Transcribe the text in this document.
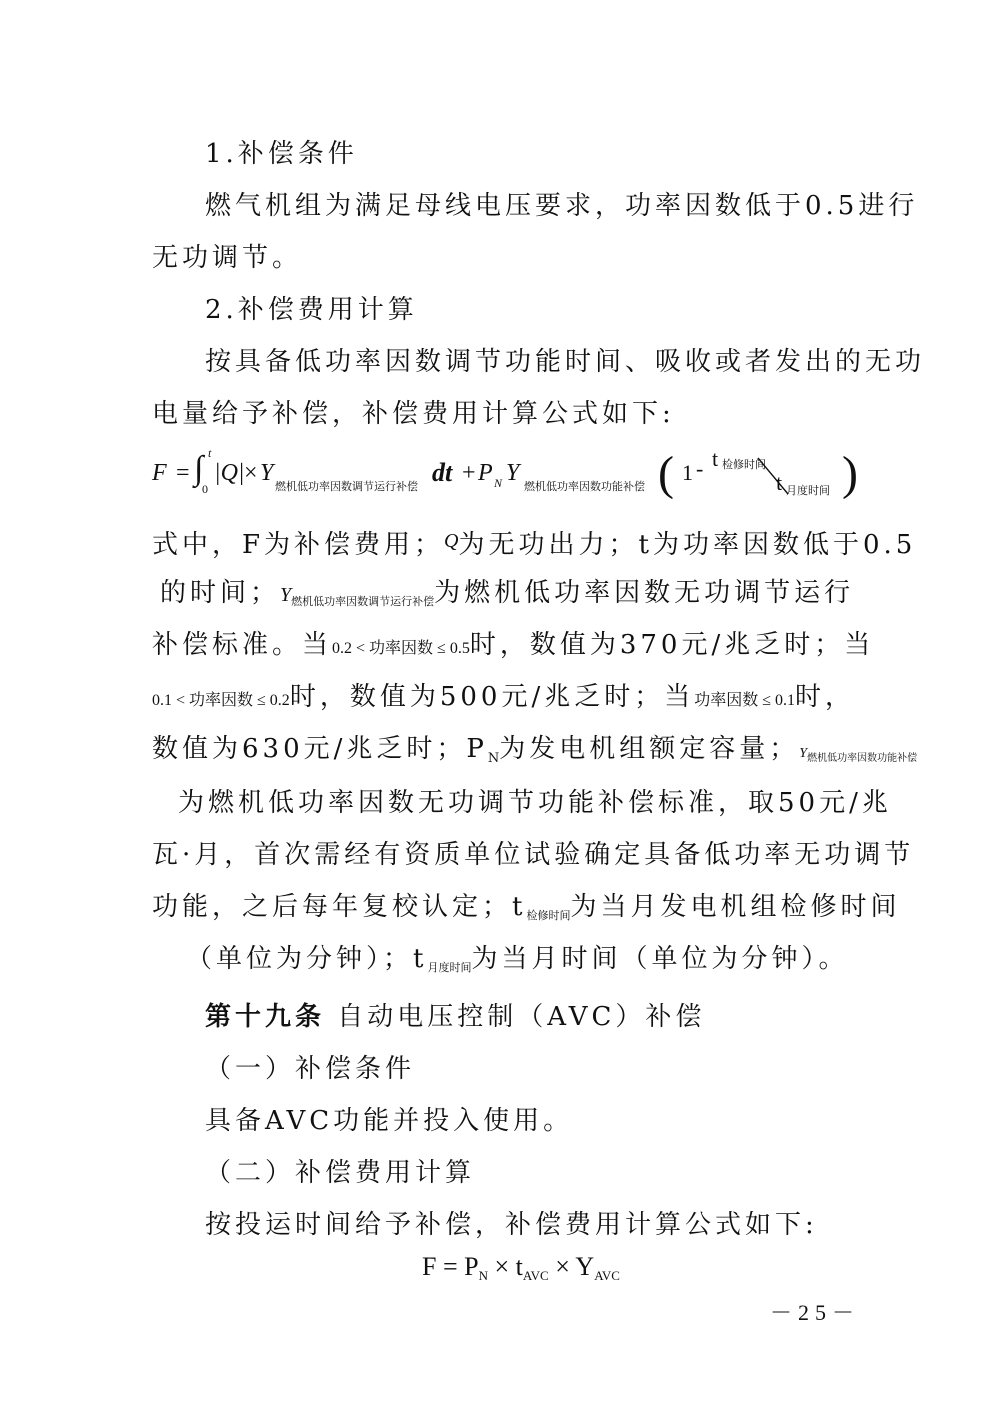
1.补偿条件
燃气机组为满足母线电压要求，功率因数低于0.5进行
无功调节。
2.补偿费用计算
按具备低功率因数调节功能时间、吸收或者发出的无功
电量给予补偿，补偿费用计算公式如下:
F = ∫ t
0
|Q| × Y
燃机低功率因数调节运行补偿 dt + P N Y
燃机低功率因数功能补偿 ( 1 - t 检修时间
t 月度时间 )
式中，F为补偿费用；$^Q$为无功出力；t为功率因数低于0.5
的时间；$Y_{燃机低功率因数调节运行补偿}$为燃机低功率因数无功调节运行
补偿标准。当0.2 < 功率因数 ≤ 0.5时，数值为370元/兆乏时；当
0.1 < 功率因数 ≤ 0.2时，数值为500元/兆乏时；当功率因数 ≤ 0.1时，
数值为630元/兆乏时；PN为发电机组额定容量；$Y_{燃机低功率因数功能补偿}$
为燃机低功率因数无功调节功能补偿标准，取50元/兆
瓦·月，首次需经有资质单位试验确定具备低功率无功调节
功能，之后每年复校认定；$t_{检修时间}$为当月发电机组检修时间
（单位为分钟）；$t_{月度时间}$为当月时间（单位为分钟）。
第十九条 自动电压控制（AVC）补偿
（一）补偿条件
具备AVC功能并投入使用。
（二）补偿费用计算
按投运时间给予补偿，补偿费用计算公式如下:
F = PN × tAVC × YAVC
－25－
